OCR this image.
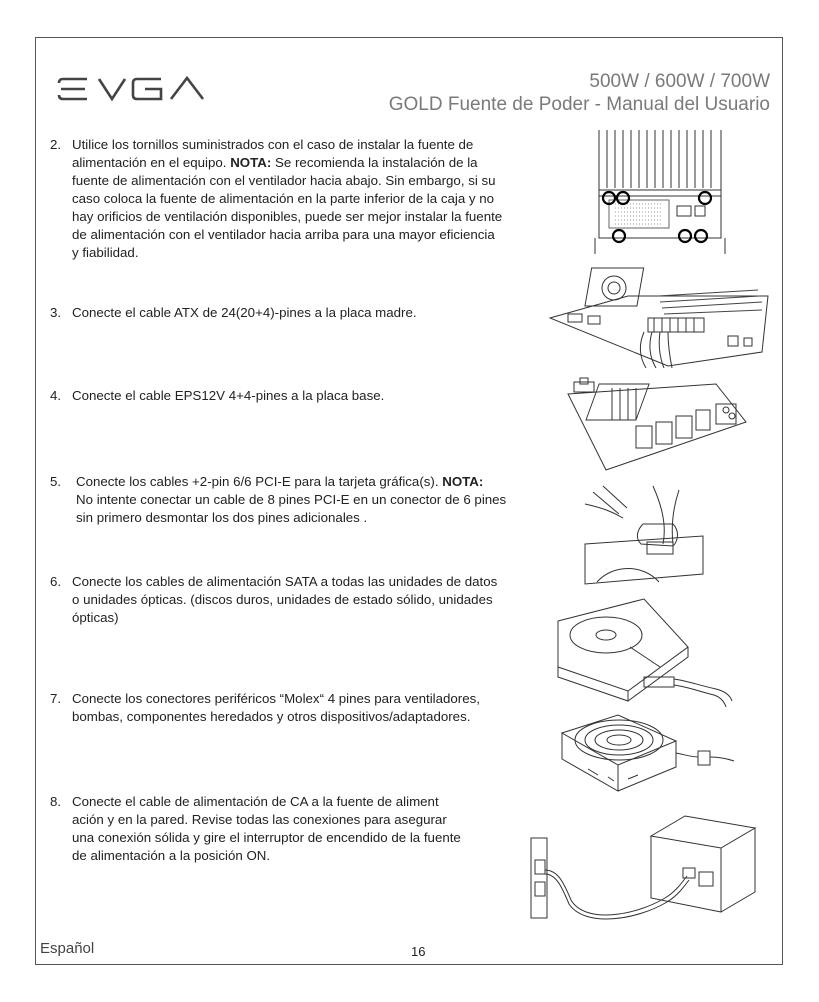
500W / 600W / 700W
GOLD Fuente de Poder - Manual del Usuario
2. Utilice los tornillos suministrados con el caso de instalar la fuente de
alimentación en el equipo. NOTA: Se recomienda la instalación de la
fuente de alimentación con el ventilador hacia abajo. Sin embargo, si su
caso coloca la fuente de alimentación en la parte inferior de la caja y no
hay orificios de ventilación disponibles, puede ser mejor instalar la fuente
de alimentación con el ventilador hacia arriba para una mayor eficiencia
y fiabilidad.
3. Conecte el cable ATX de 24(20+4)-pines a la placa madre.
4. Conecte el cable EPS12V 4+4-pines a la placa base.
5. Conecte los cables +2-pin 6/6 PCI-E para la tarjeta gráfica(s). NOTA:
No intente conectar un cable de 8 pines PCI-E en un conector de 6 pines
sin primero desmontar los dos pines adicionales .
6. Conecte los cables de alimentación SATA a todas las unidades de datos
o unidades ópticas. (discos duros, unidades de estado sólido, unidades
ópticas)
7. Conecte los conectores periféricos “Molex“ 4 pines para ventiladores,
bombas, componentes heredados y otros dispositivos/adaptadores.
8. Conecte el cable de alimentación de CA a la fuente de aliment
ación y en la pared. Revise todas las conexiones para asegurar
una conexión sólida y gire el interruptor de encendido de la fuente
de alimentación a la posición ON.
Español	16
